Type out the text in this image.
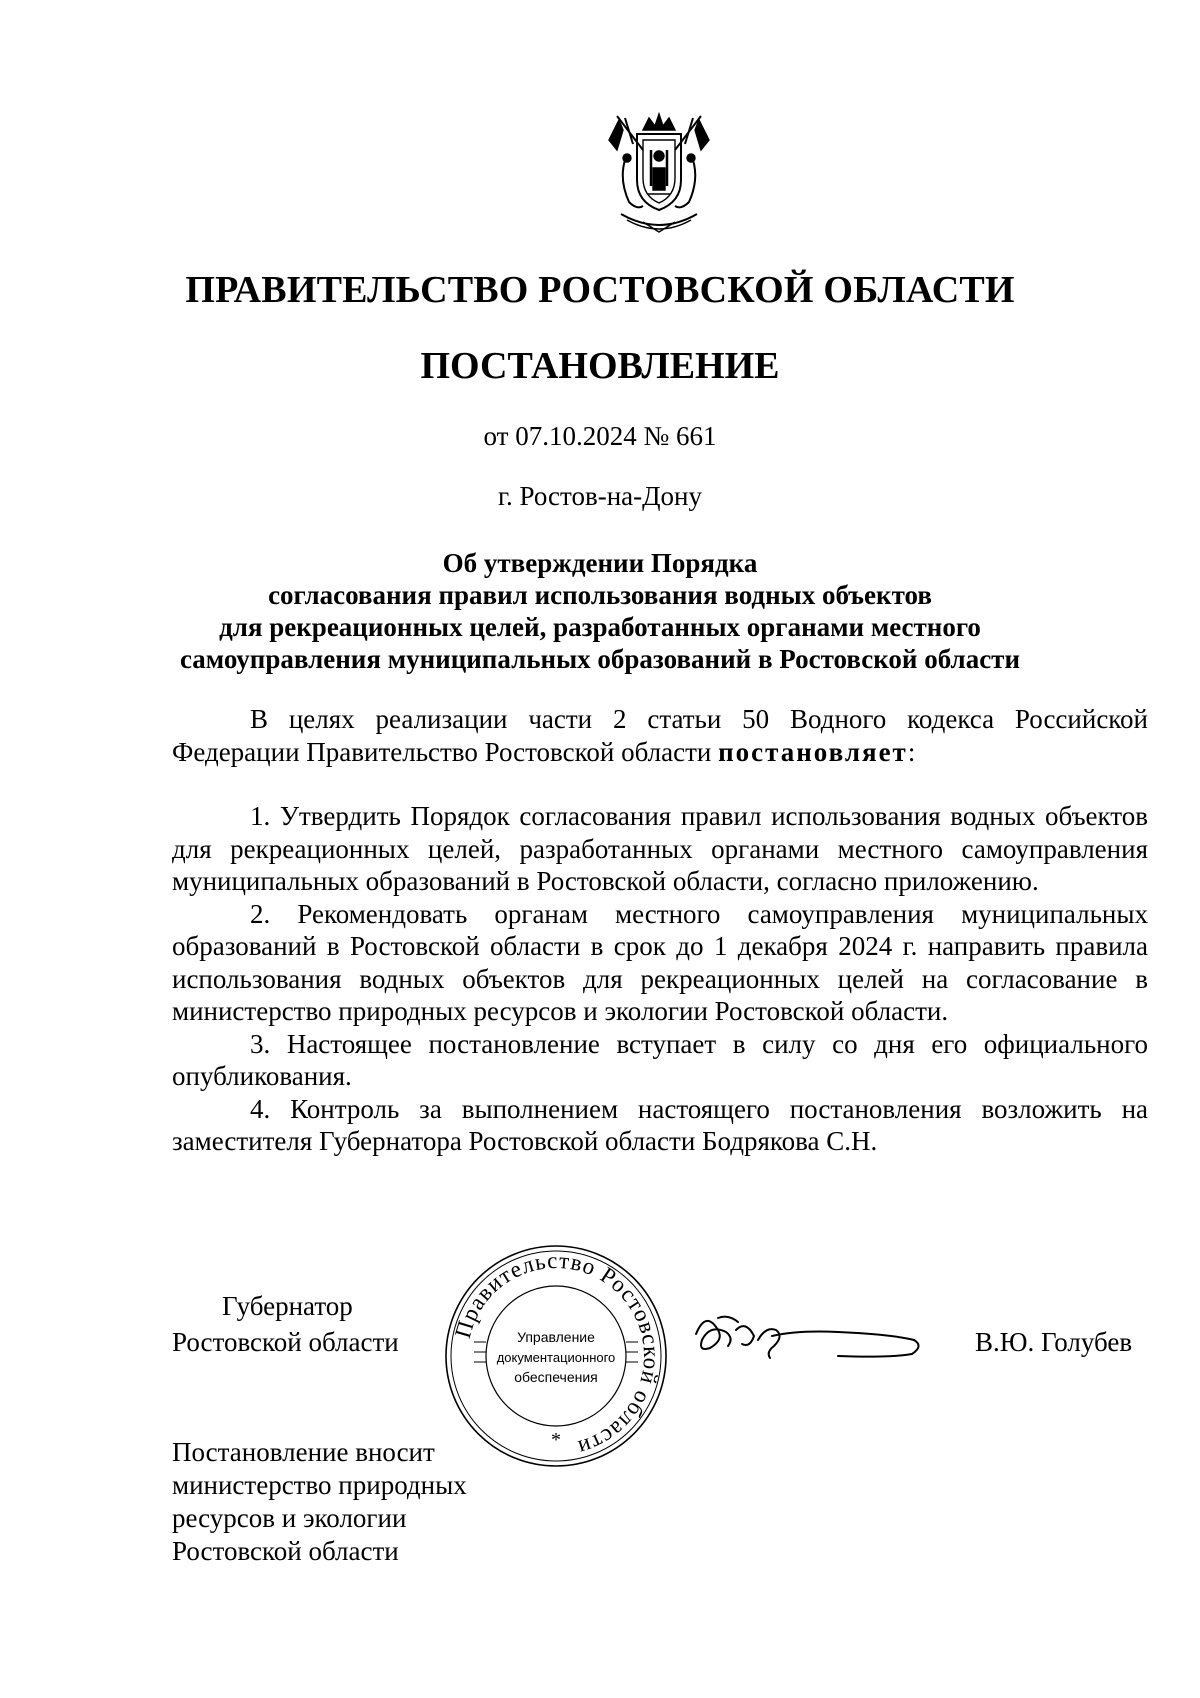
ПРАВИТЕЛЬСТВО РОСТОВСКОЙ ОБЛАСТИ
ПОСТАНОВЛЕНИЕ
от 07.10.2024 № 661
г. Ростов-на-Дону
Об утверждении Порядка
согласования правил использования водных объектов
для рекреационных целей, разработанных органами местного
самоуправления муниципальных образований в Ростовской области

В целях реализации части 2 статьи 50 Водного кодекса Российской Федерации Правительство Ростовской области постановляет:

1. Утвердить Порядок согласования правил использования водных объектов для рекреационных целей, разработанных органами местного самоуправления муниципальных образований в Ростовской области, согласно приложению.

2. Рекомендовать органам местного самоуправления муниципальных образований в Ростовской области в срок до 1 декабря 2024 г. направить правила использования водных объектов для рекреационных целей на согласование в министерство природных ресурсов и экологии Ростовской области.

3. Настоящее постановление вступает в силу со дня его официального опубликования.

4. Контроль за выполнением настоящего постановления возложить на заместителя Губернатора Ростовской области Бодрякова С.Н.

Губернатор
Ростовской области Правительство Ростовской области
Управление
документационного
обеспечения
*
В.Ю. Голубев
Постановление вносит
министерство природных
ресурсов и экологии
Ростовской области
